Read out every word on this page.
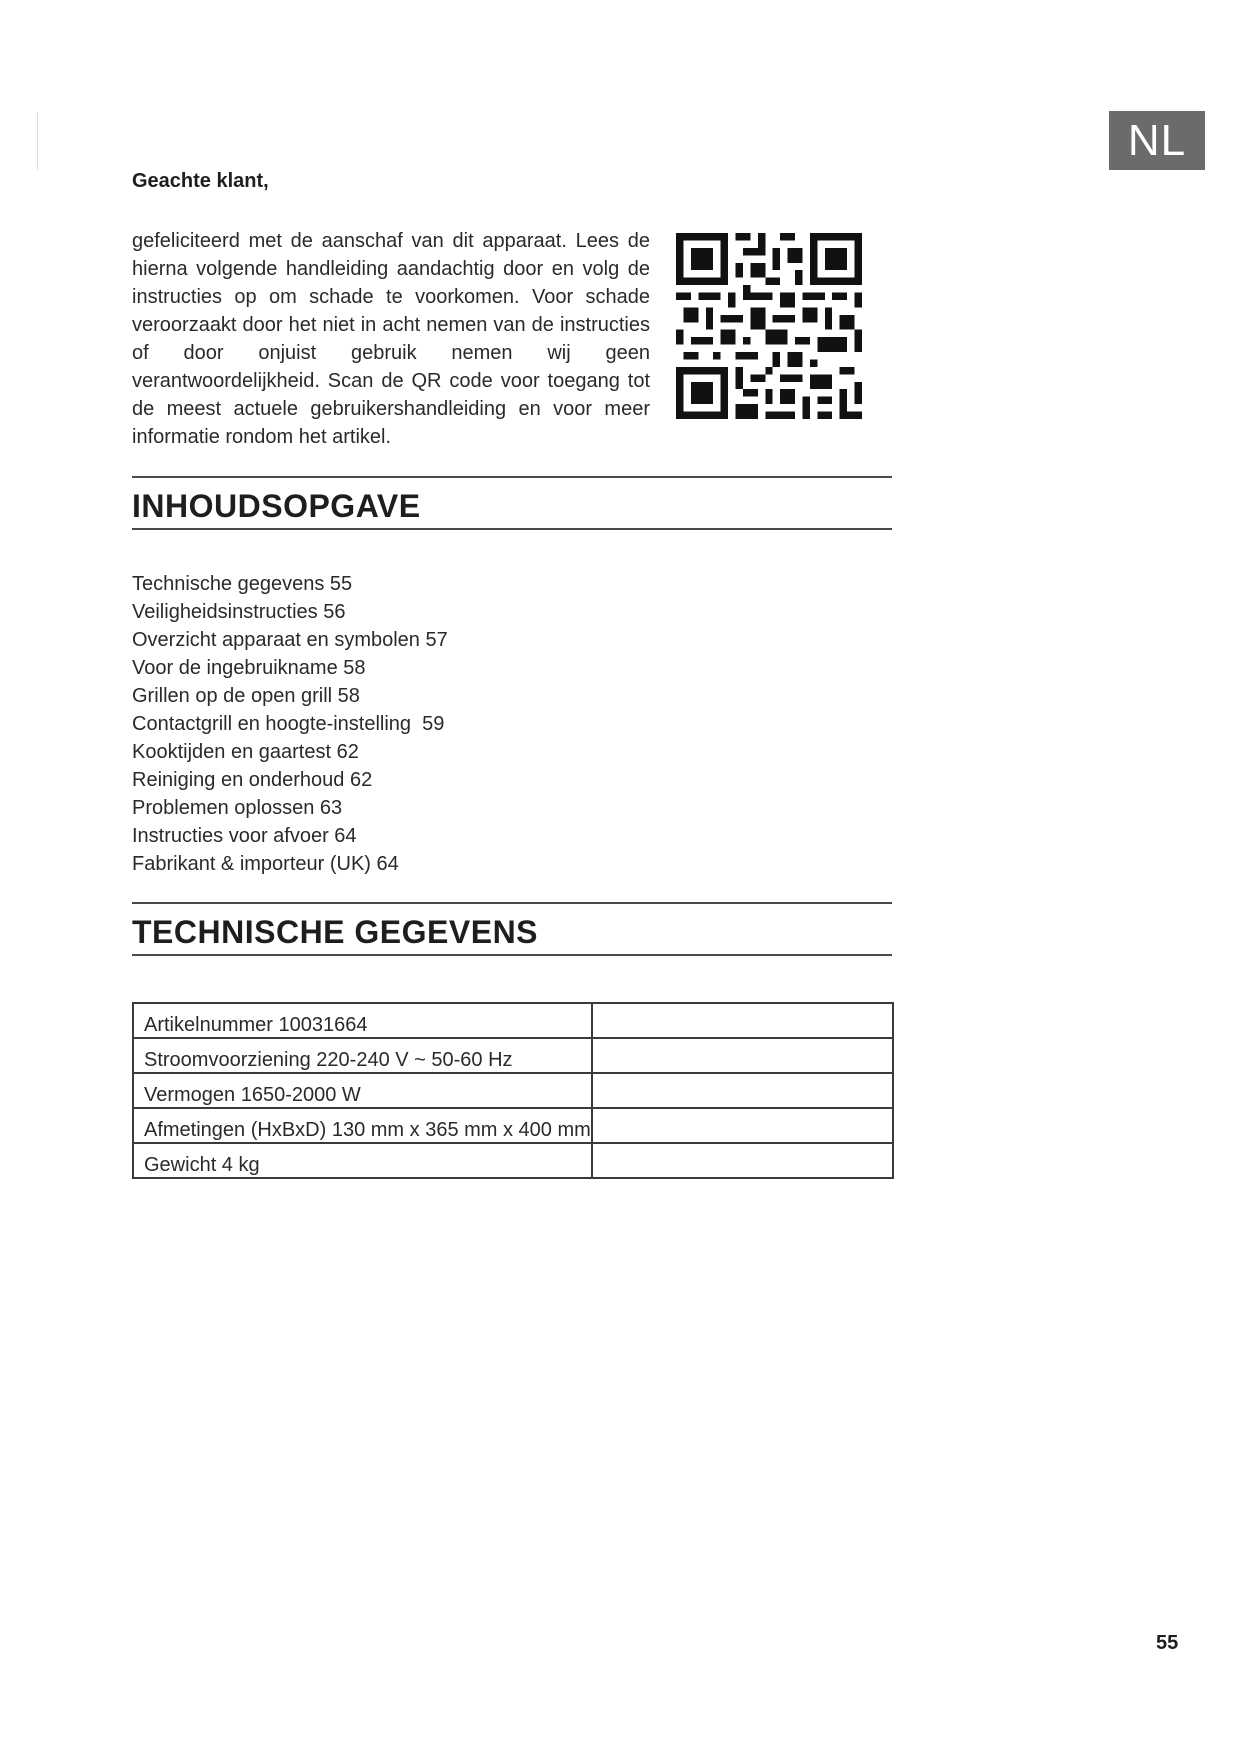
NL
Geachte klant,

gefeliciteerd met de aanschaf van dit apparaat. Lees de hierna volgende handleiding aandachtig door en volg de instructies op om schade te voorkomen. Voor schade veroorzaakt door het niet in acht nemen van de instructies of door onjuist gebruik nemen wij geen verantwoordelijkheid. Scan de QR code voor toegang tot de meest actuele gebruikershandleiding en voor meer informatie rondom het artikel.

INHOUDSOPGAVE
Technische gegevens 55
Veiligheidsinstructies 56
Overzicht apparaat en symbolen 57
Voor de ingebruikname 58
Grillen op de open grill 58
Contactgrill en hoogte-instelling  59
Kooktijden en gaartest 62
Reiniging en onderhoud 62
Problemen oplossen 63
Instructies voor afvoer 64
Fabrikant & importeur (UK) 64
TECHNISCHE GEGEVENS
Artikelnummer 10031664	
Stroomvoorziening 220-240 V ~ 50-60 Hz	
Vermogen 1650-2000 W	
Afmetingen (HxBxD) 130 mm x 365 mm x 400 mm	
Gewicht 4 kg	
55
